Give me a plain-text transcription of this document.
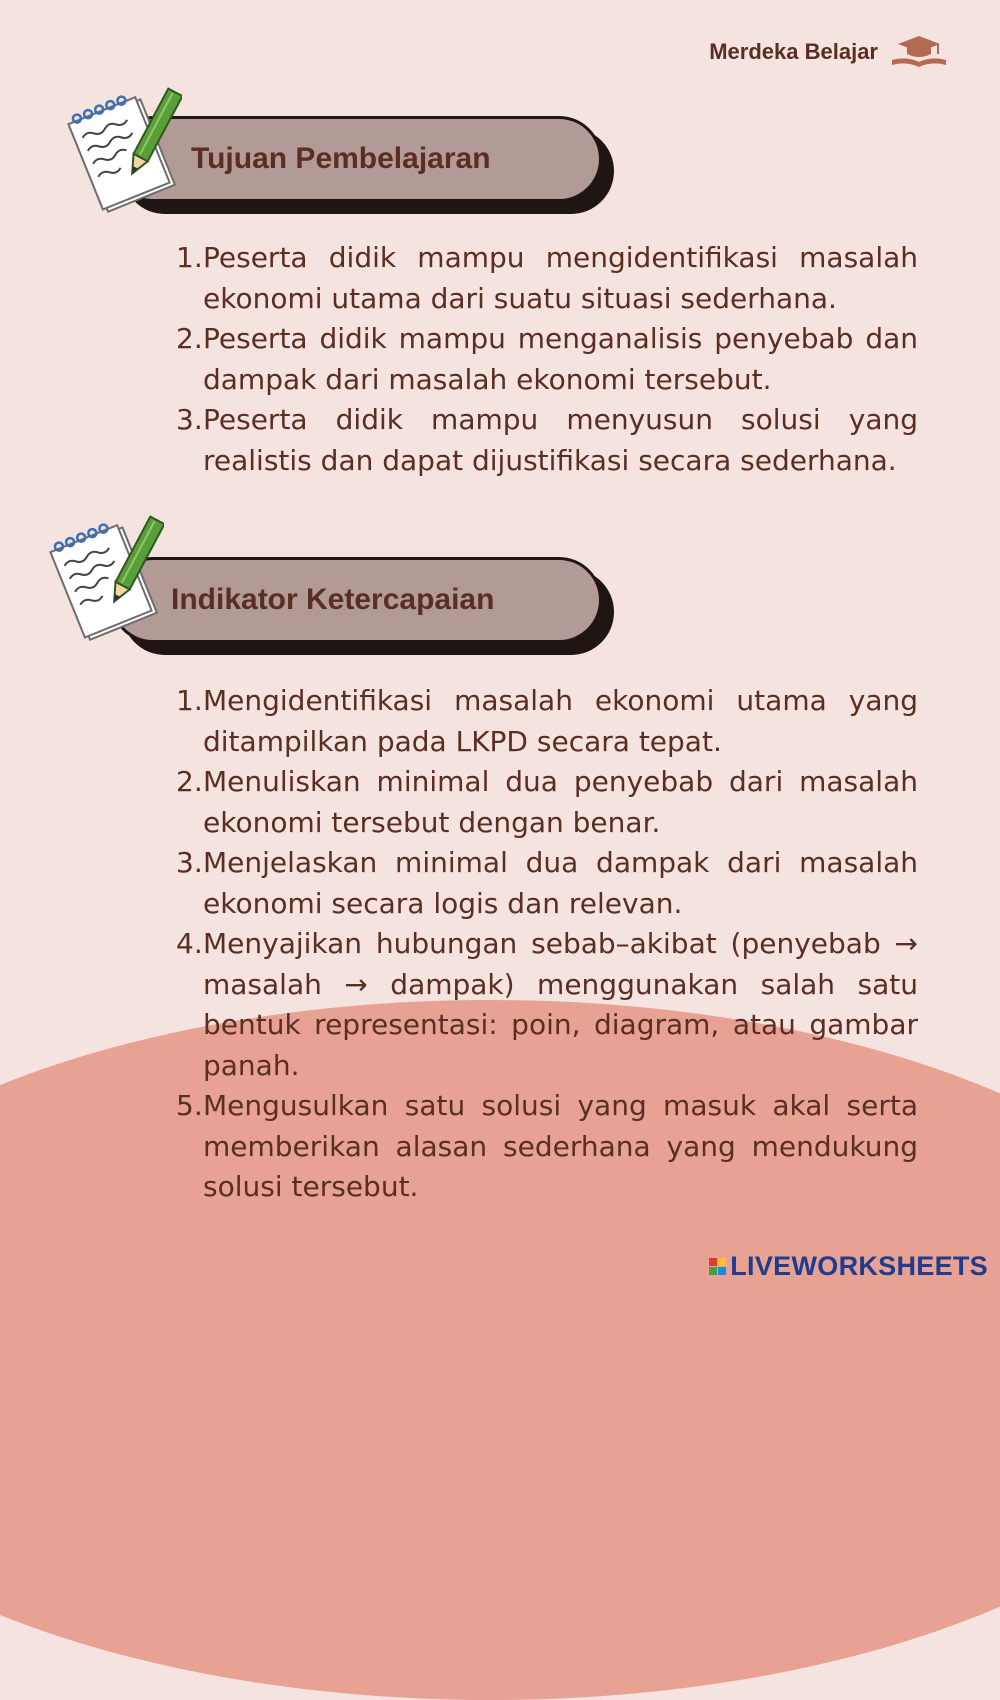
Merdeka Belajar
Tujuan Pembelajaran
1. Peserta didik mampu mengidentifikasi masalah ekonomi utama dari suatu situasi sederhana.
2. Peserta didik mampu menganalisis penyebab dan dampak dari masalah ekonomi tersebut.
3. Peserta didik mampu menyusun solusi yang realistis dan dapat dijustifikasi secara sederhana.
Indikator Ketercapaian
1. Mengidentifikasi masalah ekonomi utama yang ditampilkan pada LKPD secara tepat.
2. Menuliskan minimal dua penyebab dari masalah ekonomi tersebut dengan benar.
3. Menjelaskan minimal dua dampak dari masalah ekonomi secara logis dan relevan.
4. Menyajikan hubungan sebab–akibat (penyebab → masalah → dampak) menggunakan salah satu bentuk representasi: poin, diagram, atau gambar panah.
5. Mengusulkan satu solusi yang masuk akal serta memberikan alasan sederhana yang mendukung solusi tersebut.
LIVEWORKSHEETS
